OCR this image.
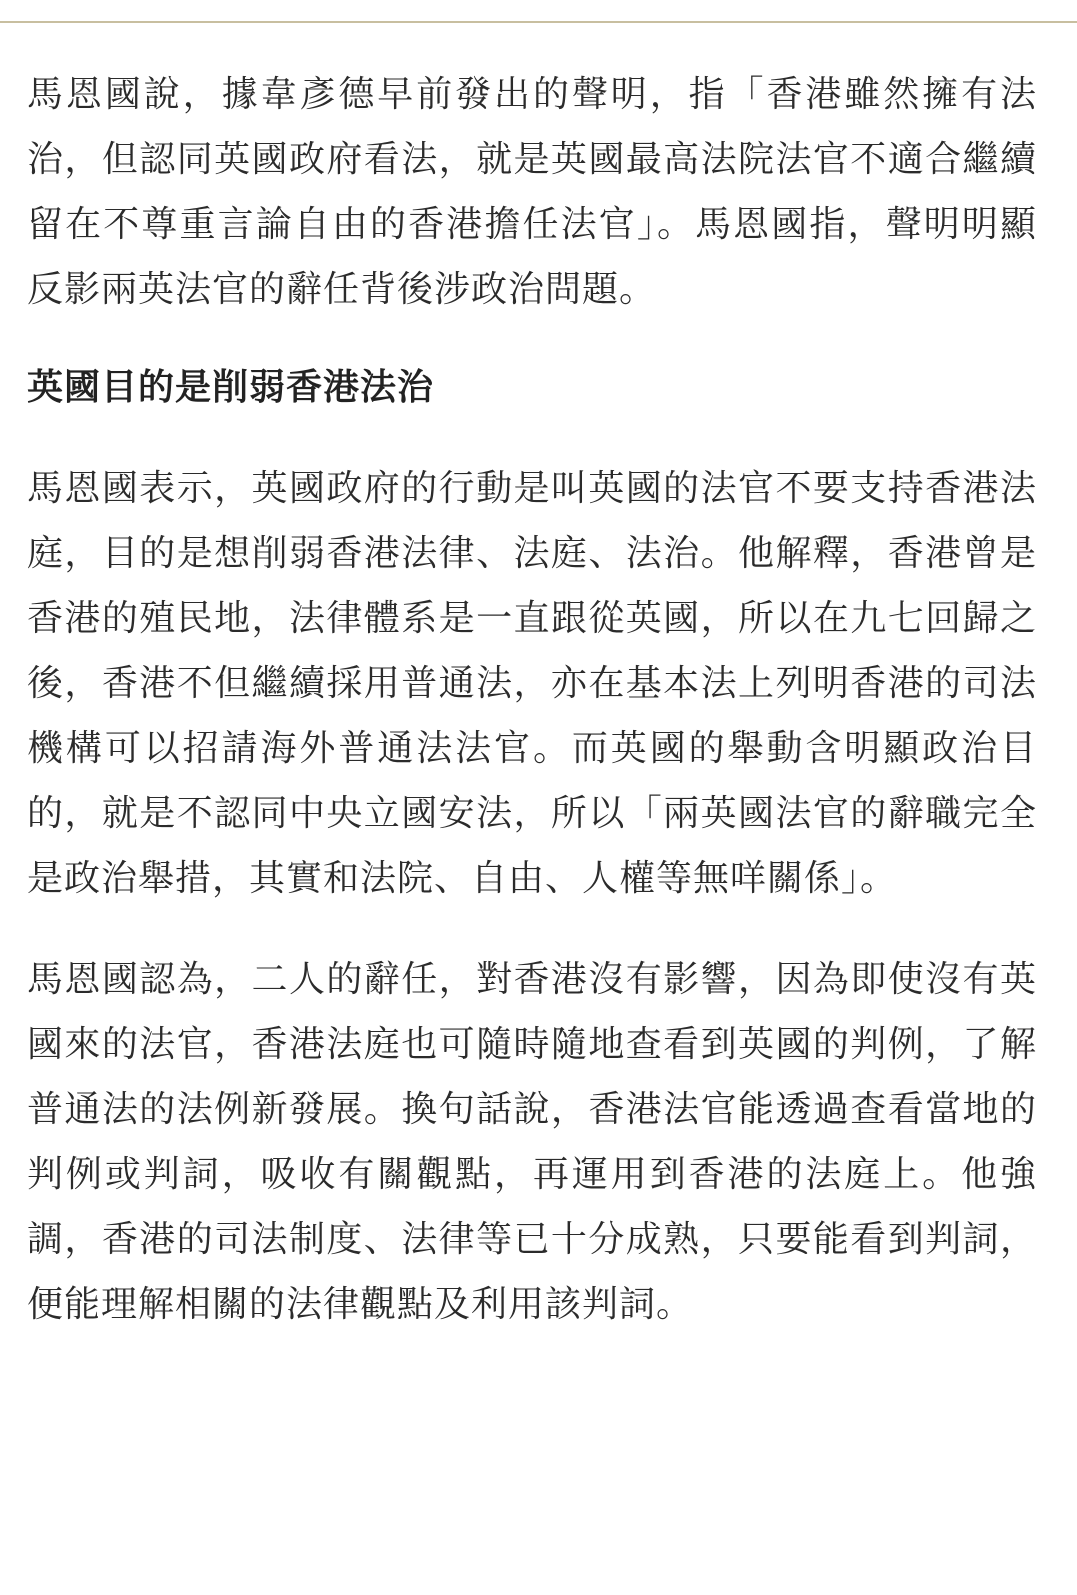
馬恩國說，據韋彥德早前發出的聲明，指「香港雖然擁有法治，但認同英國政府看法，就是英國最高法院法官不適合繼續留在不尊重言論自由的香港擔任法官」。馬恩國指，聲明明顯反影兩英法官的辭任背後涉政治問題。

英國目的是削弱香港法治

馬恩國表示，英國政府的行動是叫英國的法官不要支持香港法庭，目的是想削弱香港法律、法庭、法治。他解釋，香港曾是香港的殖民地，法律體系是一直跟從英國，所以在九七回歸之後，香港不但繼續採用普通法，亦在基本法上列明香港的司法機構可以招請海外普通法法官。而英國的舉動含明顯政治目的，就是不認同中央立國安法，所以「兩英國法官的辭職完全是政治舉措，其實和法院、自由、人權等無咩關係」。

馬恩國認為，二人的辭任，對香港沒有影響，因為即使沒有英國來的法官，香港法庭也可隨時隨地查看到英國的判例，了解普通法的法例新發展。換句話說，香港法官能透過查看當地的判例或判詞，吸收有關觀點，再運用到香港的法庭上。他強調，香港的司法制度、法律等已十分成熟，只要能看到判詞，便能理解相關的法律觀點及利用該判詞。
